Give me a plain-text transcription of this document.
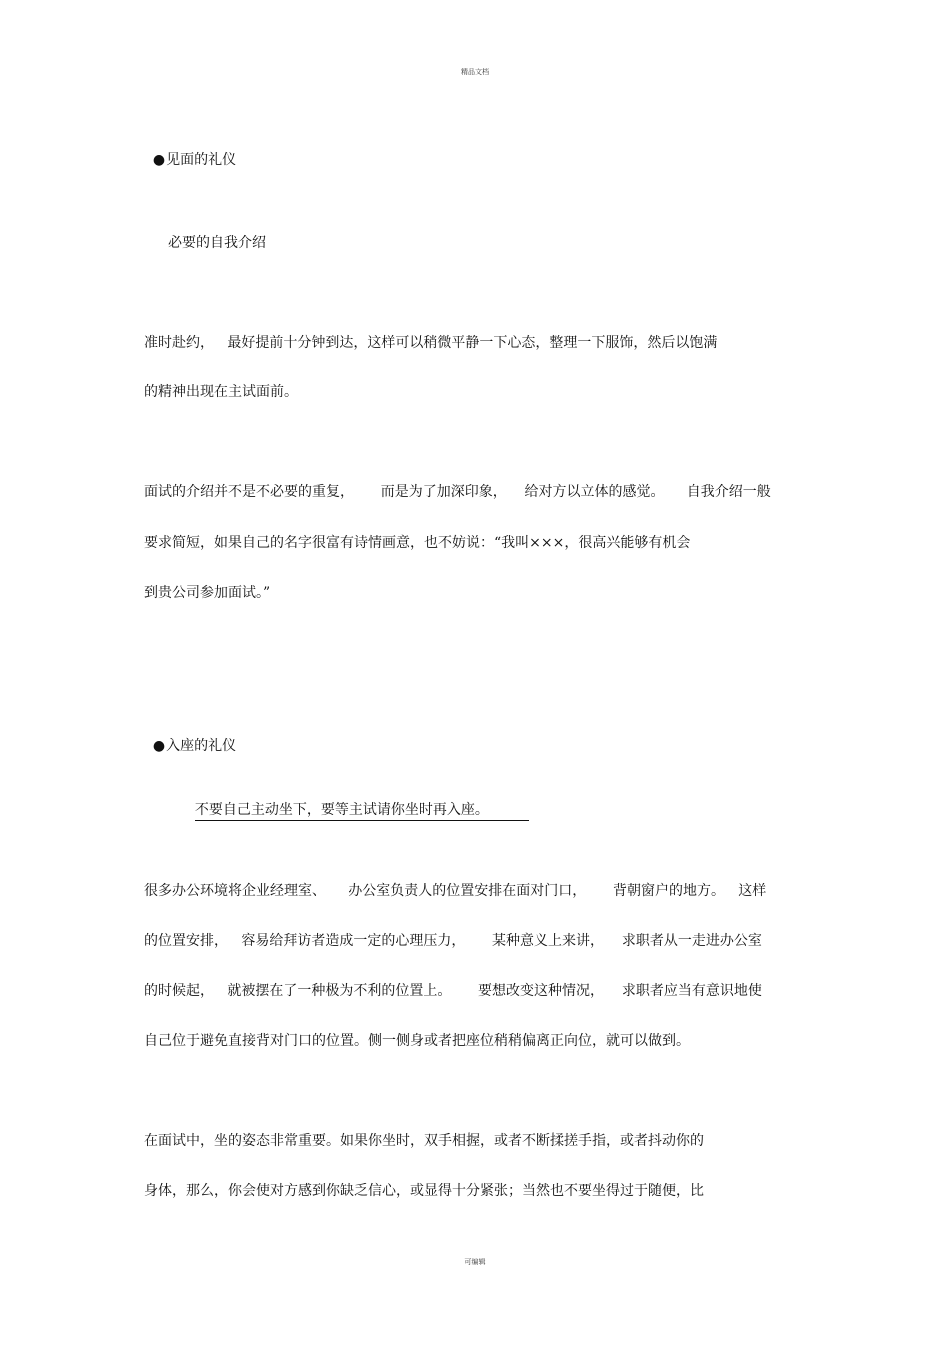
精品文档

●见面的礼仪

必要的自我介绍
准时赴约，   最好提前十分钟到达，这样可以稍微平静一下心态，整理一下服饰，然后以饱满
的精神出现在主试面前。
面试的介绍并不是不必要的重复，      而是为了加深印象，    给对方以立体的感觉。     自我介绍一般
要求简短，如果自己的名字很富有诗情画意，也不妨说：“我叫×××，很高兴能够有机会
到贵公司参加面试。”

●入座的礼仪

不要自己主动坐下，要等主试请你坐时再入座。

很多办公环境将企业经理室、     办公室负责人的位置安排在面对门口，      背朝窗户的地方。   这样
的位置安排，   容易给拜访者造成一定的心理压力，      某种意义上来讲，    求职者从一走进办公室
的时候起，   就被摆在了一种极为不利的位置上。      要想改变这种情况，    求职者应当有意识地使
自己位于避免直接背对门口的位置。侧一侧身或者把座位稍稍偏离正向位，就可以做到。
在面试中，坐的姿态非常重要。如果你坐时，双手相握，或者不断揉搓手指，或者抖动你的
身体，那么，你会使对方感到你缺乏信心，或显得十分紧张；当然也不要坐得过于随便，比
可编辑
